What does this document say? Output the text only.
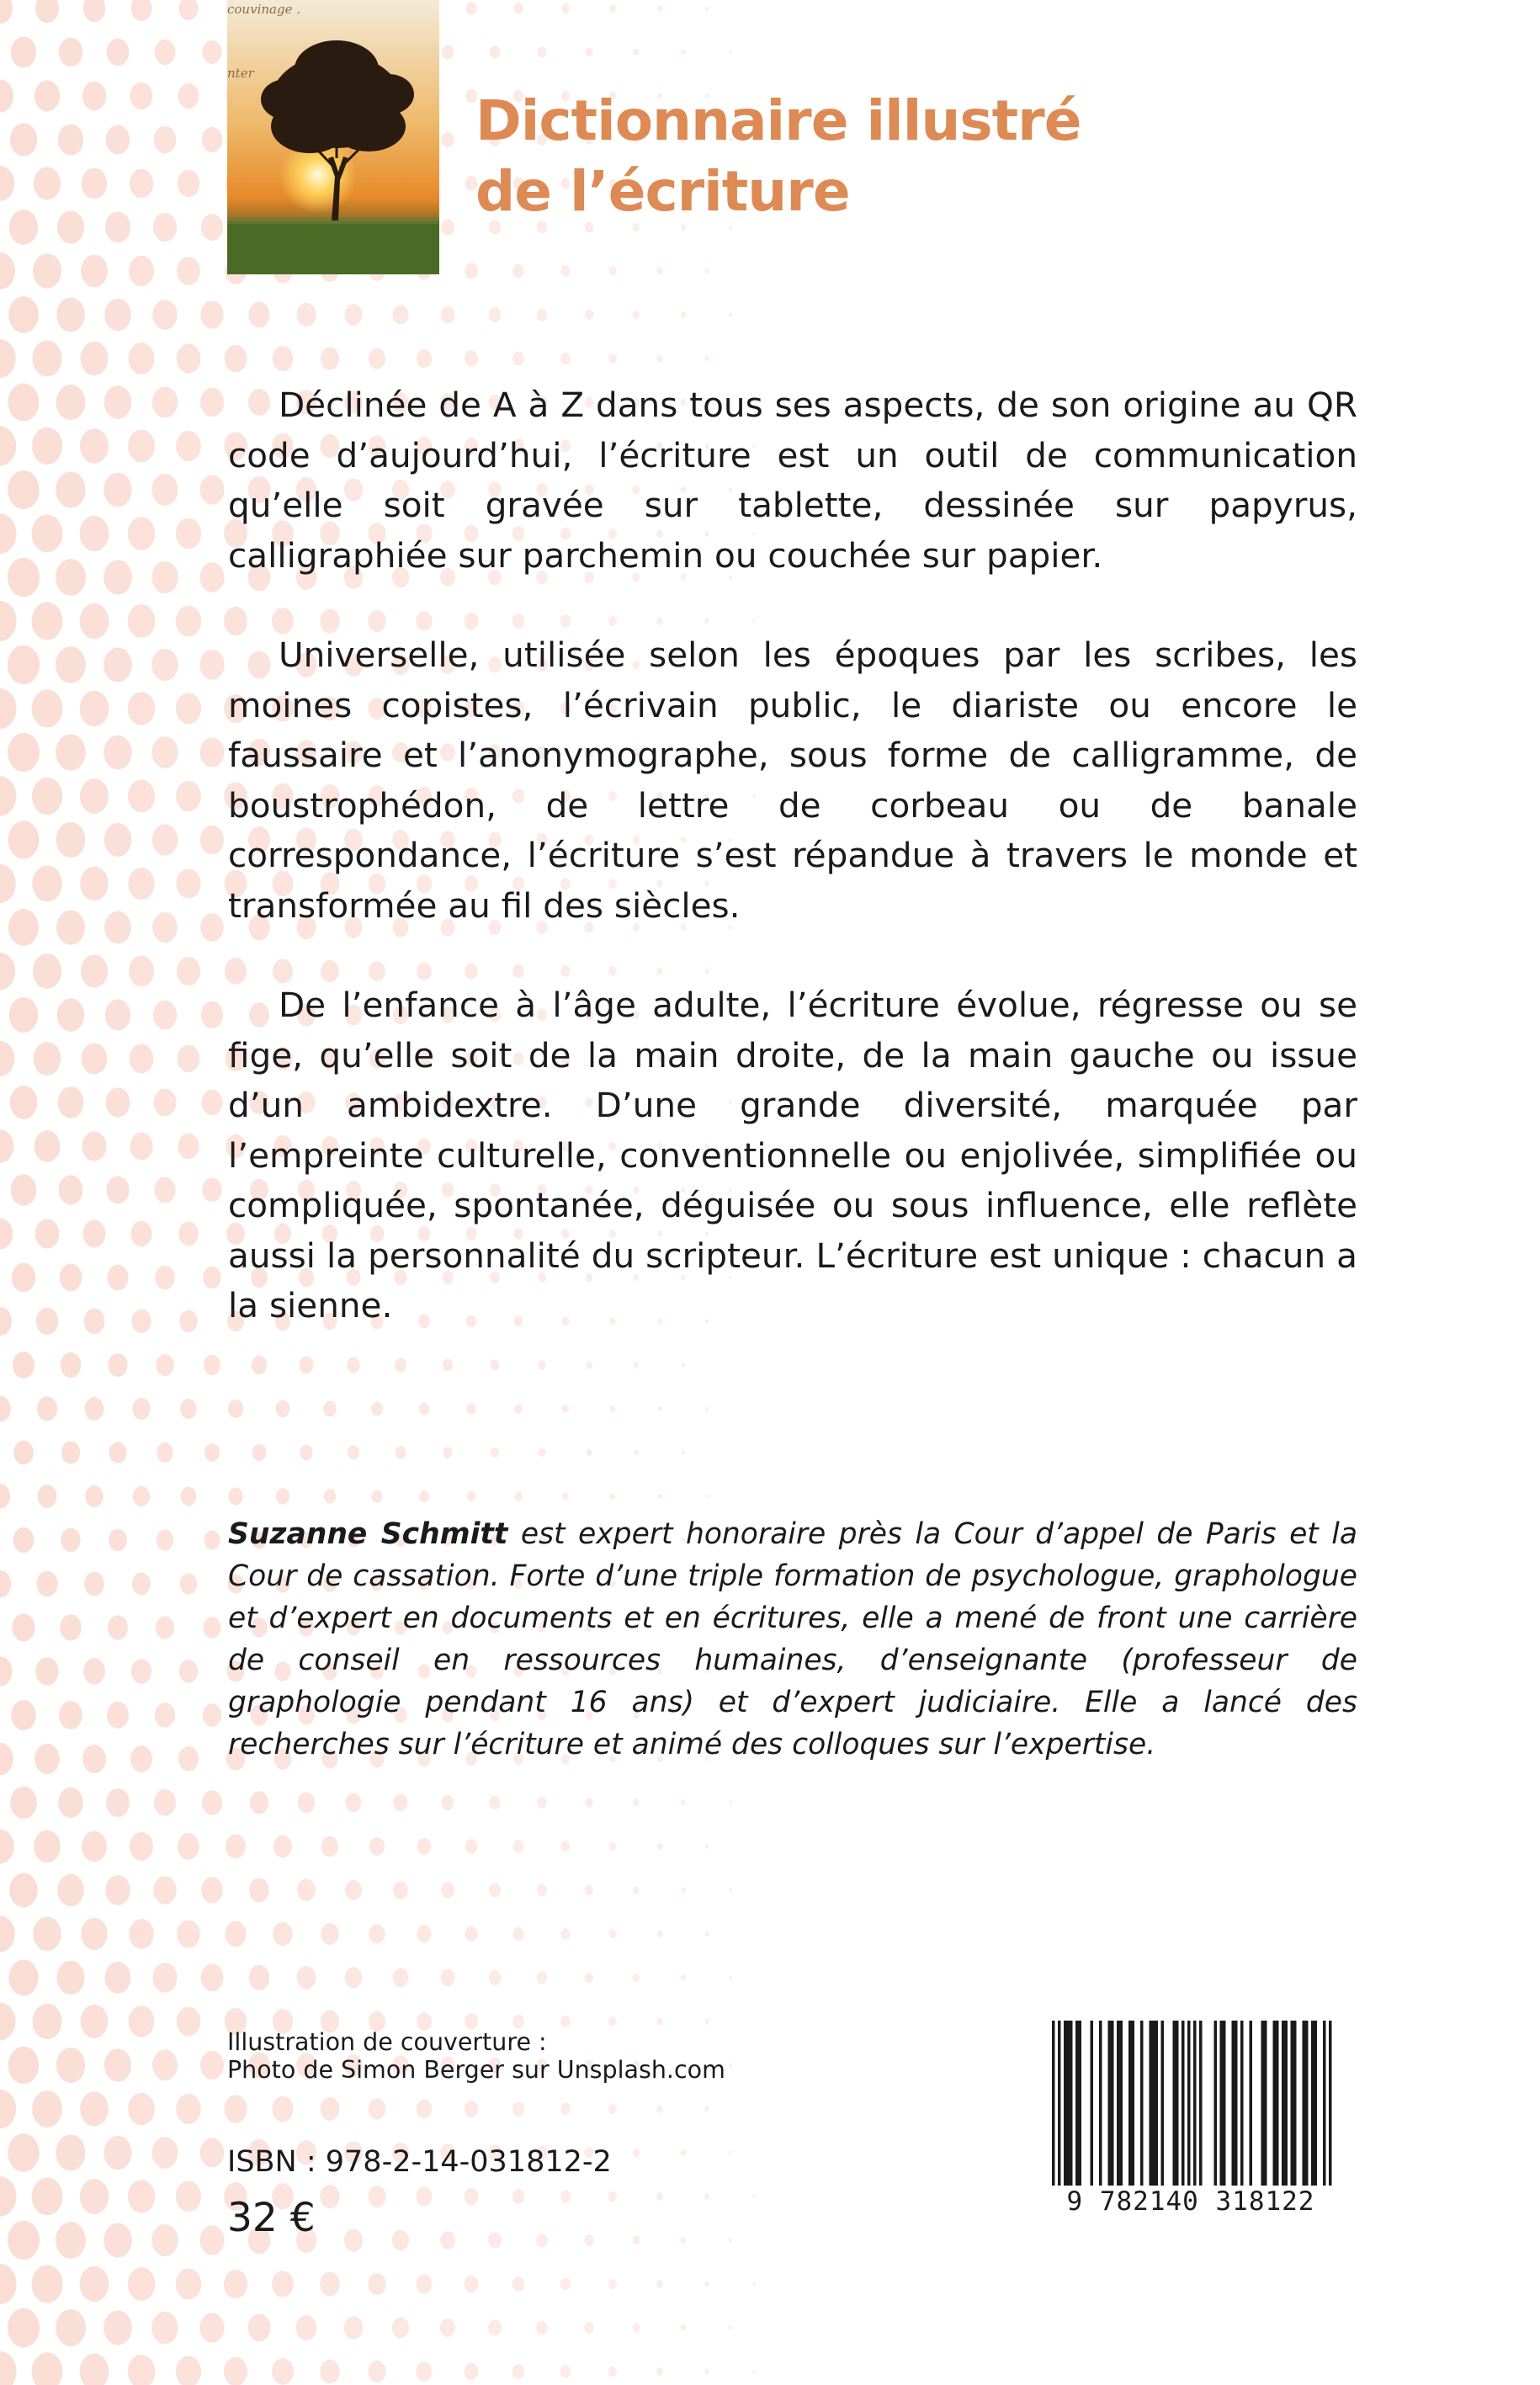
couvinage .
nter
Dictionnaire illustré
de l’écriture

Déclinée de A à Z dans tous ses aspects, de son origine au QR code d’aujourd’hui, l’écriture est un outil de communication qu’elle soit gravée sur tablette, dessinée sur papyrus, calligraphiée sur parchemin ou couchée sur papier.

Universelle, utilisée selon les époques par les scribes, les moines copistes, l’écrivain public, le diariste ou encore le faussaire et l’anonymographe, sous forme de calligramme, de boustrophédon, de lettre de corbeau ou de banale correspondance, l’écriture s’est répandue à travers le monde et transformée au fil des siècles.

De l’enfance à l’âge adulte, l’écriture évolue, régresse ou se fige, qu’elle soit de la main droite, de la main gauche ou issue d’un ambidextre. D’une grande diversité, marquée par l’empreinte culturelle, conventionnelle ou enjolivée, simplifiée ou compliquée, spontanée, déguisée ou sous influence, elle reflète aussi la personnalité du scripteur. L’écriture est unique : chacun a la sienne.

Suzanne Schmitt est expert honoraire près la Cour d’appel de Paris et la Cour de cassation. Forte d’une triple formation de psychologue, graphologue et d’expert en documents et en écritures, elle a mené de front une carrière de conseil en ressources humaines, d’enseignante (professeur de graphologie pendant 16 ans) et d’expert judiciaire. Elle a lancé des recherches sur l’écriture et animé des colloques sur l’expertise.

Illustration de couverture :
Photo de Simon Berger sur Unsplash.com
ISBN : 978-2-14-031812-2
32 €	9 782140 318122
